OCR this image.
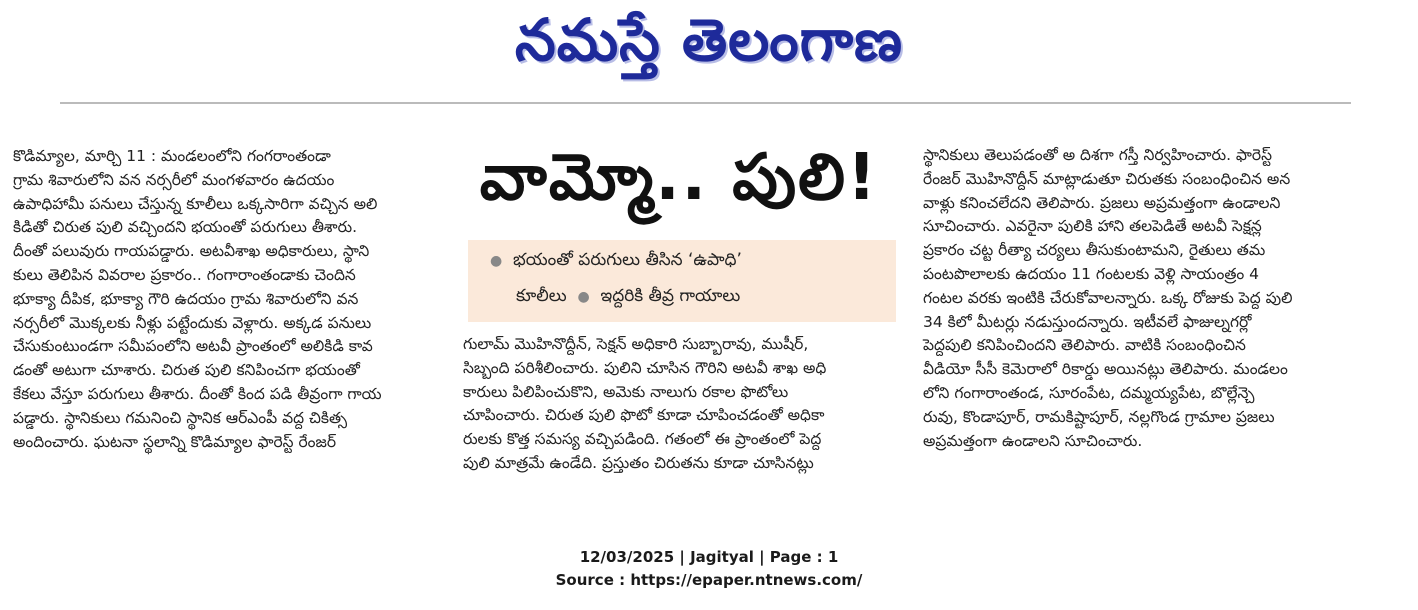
నమస్తే తెలంగాణ

కొడిమ్యాల, మార్చి 11 : మండలంలోని గంగరాంతండా

గ్రామ శివారులోని వన నర్సరీలో మంగళవారం ఉదయం

ఉపాధిహామీ పనులు చేస్తున్న కూలీలు ఒక్కసారిగా వచ్చిన అలి

కిడితో చిరుత పులి వచ్చిందని భయంతో పరుగులు తీశారు.

దీంతో పలువురు గాయపడ్డారు. అటవీశాఖ అధికారులు, స్థాని

కులు తెలిపిన వివరాల ప్రకారం.. గంగారాంతండాకు చెందిన

భూక్యా దీపిక, భూక్యా గౌరి ఉదయం గ్రామ శివారులోని వన

నర్సరీలో మొక్కలకు నీళ్లు పట్టేందుకు వెళ్లారు. అక్కడ పనులు

చేసుకుంటుండగా సమీపంలోని అటవీ ప్రాంతంలో అలికిడి కావ

డంతో అటుగా చూశారు. చిరుత పులి కనిపించగా భయంతో

కేకలు వేస్తూ పరుగులు తీశారు. దీంతో కింద పడి తీవ్రంగా గాయ

పడ్డారు. స్థానికులు గమనించి స్థానిక ఆర్ఎంపీ వద్ద చికిత్స

అందించారు. ఘటనా స్థలాన్ని కొడిమ్యాల ఫారెస్ట్ రేంజర్

వామ్మో.. పులి!
● భయంతో పరుగులు తీసిన ‘ఉపాధి’
కూలీలు ● ఇద్దరికి తీవ్ర గాయాలు

గులామ్ మొహినొద్దీన్, సెక్షన్ అధికారి సుబ్బారావు, ముషీర్,

సిబ్బంది పరిశీలించారు. పులిని చూసిన గౌరిని అటవీ శాఖ అధి

కారులు పిలిపించుకొని, అమెకు నాలుగు రకాల ఫొటోలు

చూపించారు. చిరుత పులి ఫొటో కూడా చూపించడంతో అధికా

రులకు కొత్త సమస్య వచ్చిపడింది. గతంలో ఈ ప్రాంతంలో పెద్ద

పులి మాత్రమే ఉండేది. ప్రస్తుతం చిరుతను కూడా చూసినట్లు

స్థానికులు తెలుపడంతో అ దిశగా గస్తీ నిర్వహించారు. ఫారెస్ట్

రేంజర్ మొహినొద్దీన్ మాట్లాడుతూ చిరుతకు సంబంధించిన అన

వాళ్లు కనించలేదని తెలిపారు. ప్రజలు అప్రమత్తంగా ఉండాలని

సూచించారు. ఎవరైనా పులికి హాని తలపెడితే అటవీ సెక్షన్ల

ప్రకారం చట్ట రీత్యా చర్యలు తీసుకుంటామని, రైతులు తమ

పంటపొలాలకు ఉదయం 11 గంటలకు వెళ్లి సాయంత్రం 4

గంటల వరకు ఇంటికి చేరుకోవాలన్నారు. ఒక్క రోజుకు పెద్ద పులి

34 కిలో మీటర్లు నడుస్తుందన్నారు. ఇటీవలే ఫాజుల్నగర్లో

పెద్దపులి కనిపించిందని తెలిపారు. వాటికి సంబంధించిన

వీడియో సీసీ కెమెరాలో రికార్డు అయినట్లు తెలిపారు. మండలం

లోని గంగారాంతండ, సూరంపేట, దమ్మయ్యపేట, బొల్లేన్చె

రువు, కొండాపూర్, రామకిష్టాపూర్, నల్లగొండ గ్రామాల ప్రజలు

అప్రమత్తంగా ఉండాలని సూచించారు.

12/03/2025 | Jagityal | Page : 1
Source : https://epaper.ntnews.com/
